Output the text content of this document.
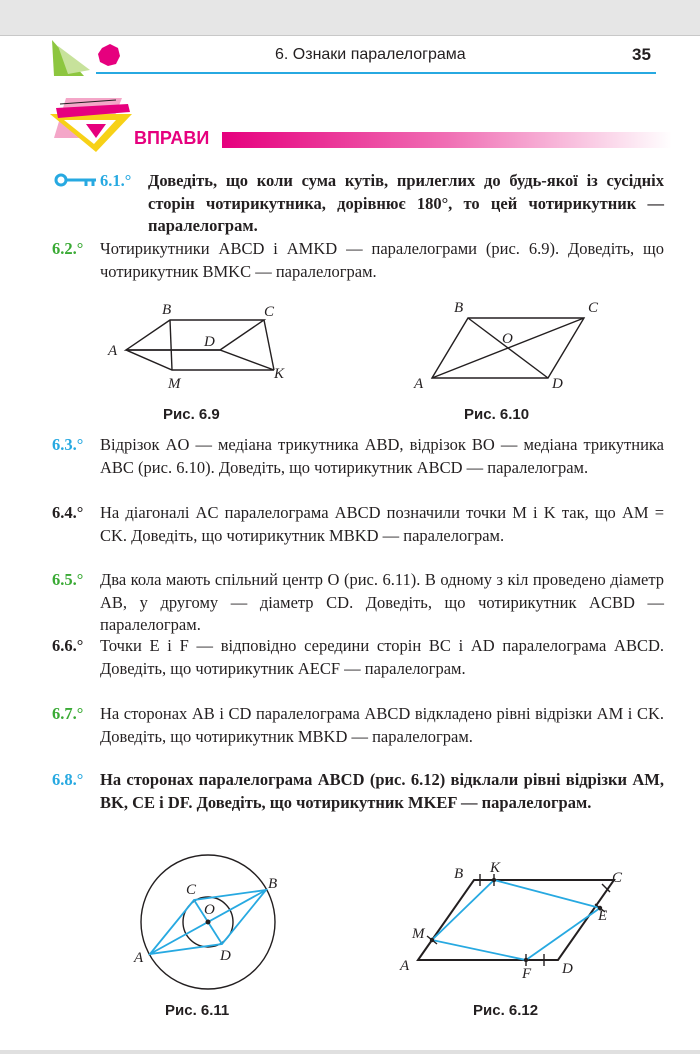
6. Ознаки паралелограма	35
ВПРАВИ
6.1.°	Доведіть, що коли сума кутів, прилеглих до будь-якої із сусідніх сторін чотирикутника, дорівнює 180°, то цей чотирикутник — паралелограм.
6.2.°	Чотирикутники ABCD і AMKD — паралелограми (рис. 6.9). Доведіть, що чотирикутник BMKC — паралелограм.
A
B	C
D
M
K
Рис. 6.9
A
B	C
D
O
Рис. 6.10
6.3.°	Відрізок AO — медіана трикутника ABD, відрізок BO — медіана трикутника ABC (рис. 6.10). Доведіть, що чотирикутник ABCD — паралелограм.
6.4.°	На діагоналі AC паралелограма ABCD позначили точки M і K так, що AM = CK. Доведіть, що чотирикутник MBKD — паралелограм.
6.5.°	Два кола мають спільний центр O (рис. 6.11). В одному з кіл проведено діаметр AB, у другому — діаметр CD. Доведіть, що чотирикутник ACBD — паралелограм.
6.6.°	Точки E і F — відповідно середини сторін BC і AD паралелограма ABCD. Доведіть, що чотирикутник AECF — паралелограм.
6.7.°	На сторонах AB і CD паралелограма ABCD відкладено рівні відрізки AM і CK. Доведіть, що чотирикутник MBKD — паралелограм.
6.8.°	На сторонах паралелограма ABCD (рис. 6.12) відклали рівні відрізки AM, BK, CE і DF. Доведіть, що чотирикутник MKEF — паралелограм.
A
B
C
D
O
Рис. 6.11
A
B	C
D
K
E
F
M
Рис. 6.12
